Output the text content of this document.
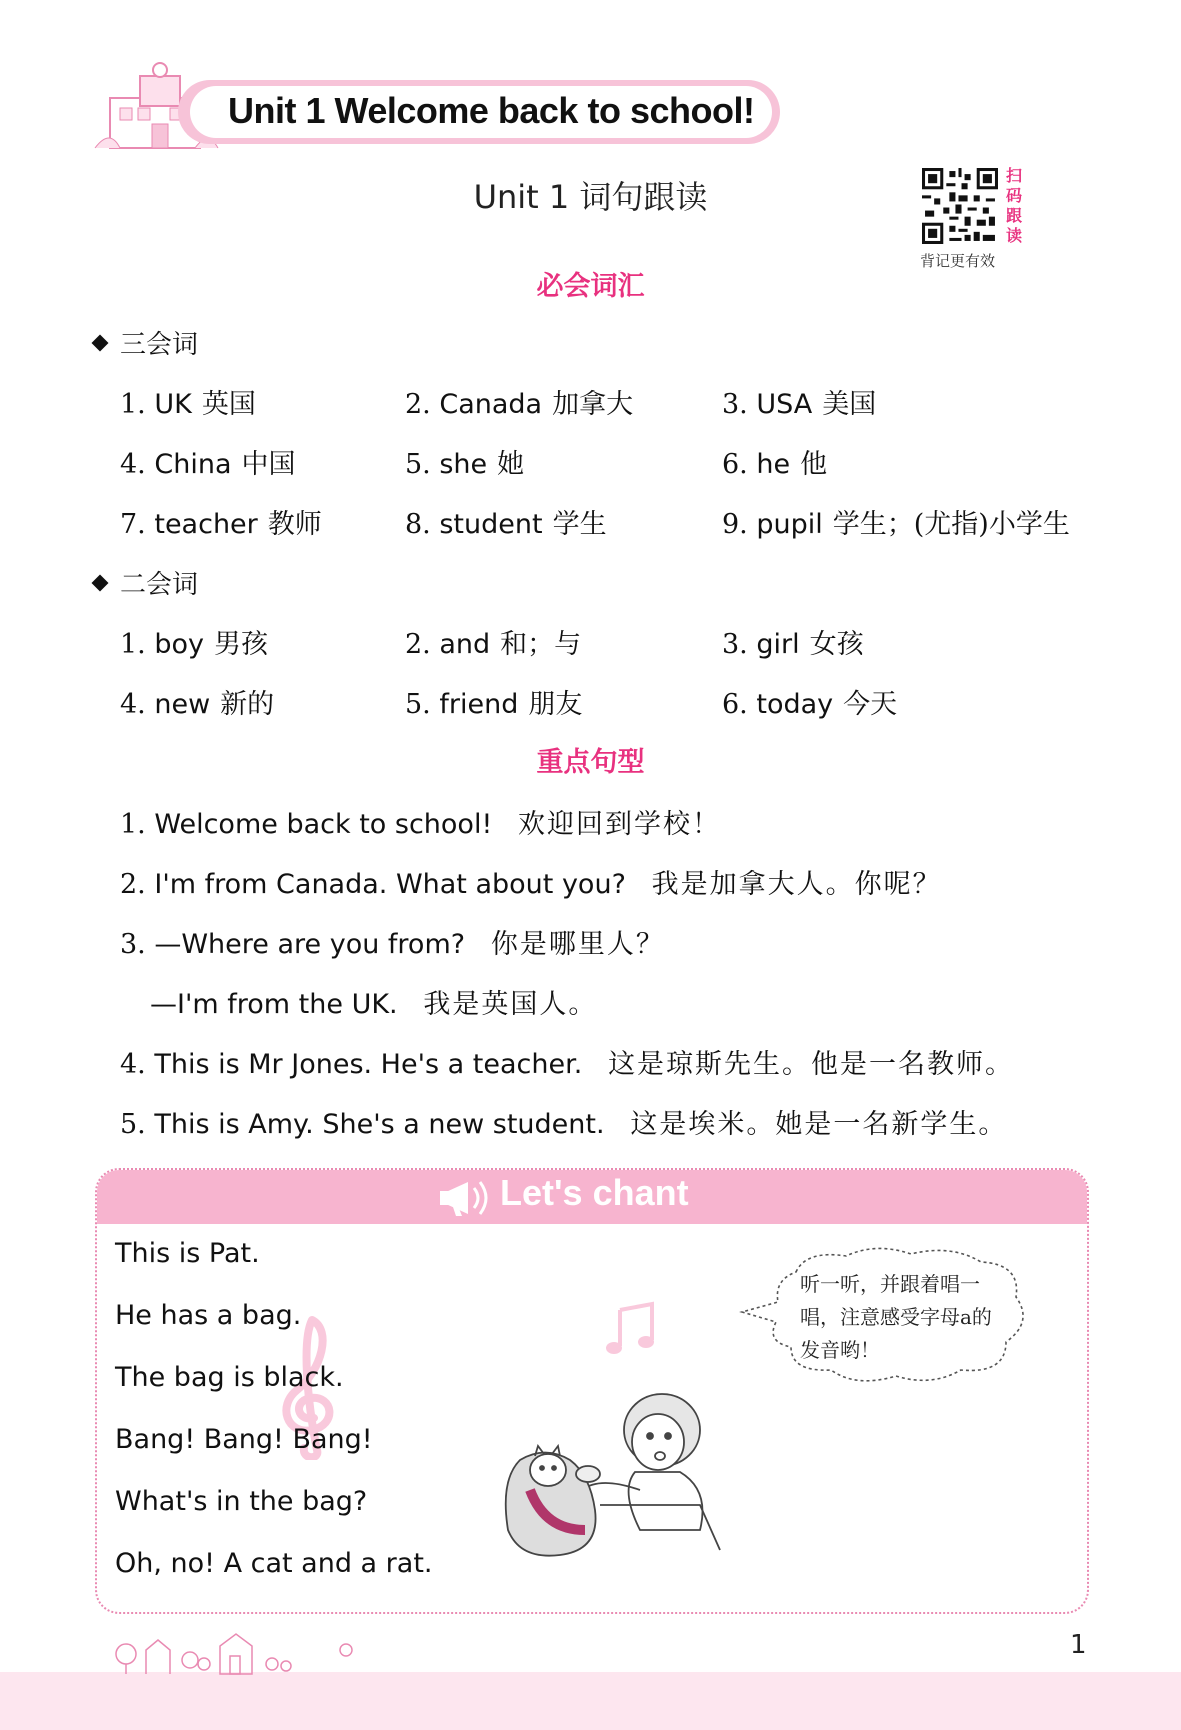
Unit 1 Welcome back to school!
Unit 1 词句跟读
扫
码
跟
读
背记更有效
必会词汇
三会词
1. UK 英国	2. Canada 加拿大	3. USA 美国
4. China 中国	5. she 她	6. he 他
7. teacher 教师	8. student 学生	9. pupil 学生；(尤指)小学生
二会词
1. boy 男孩	2. and 和；与	3. girl 女孩
4. new 新的	5. friend 朋友	6. today 今天
重点句型
1. Welcome back to school! 欢迎回到学校！
2. I'm from Canada. What about you? 我是加拿大人。你呢？
3. —Where are you from? 你是哪里人？
—I'm from the UK. 我是英国人。
4. This is Mr Jones. He's a teacher. 这是琼斯先生。他是一名教师。
5. This is Amy. She's a new student. 这是埃米。她是一名新学生。
Let's chant
This is Pat.
He has a bag.
The bag is black.
Bang! Bang! Bang!
What's in the bag?
Oh, no! A cat and a rat.
听一听，并跟着唱一唱，注意感受字母a的发音哟！
1
